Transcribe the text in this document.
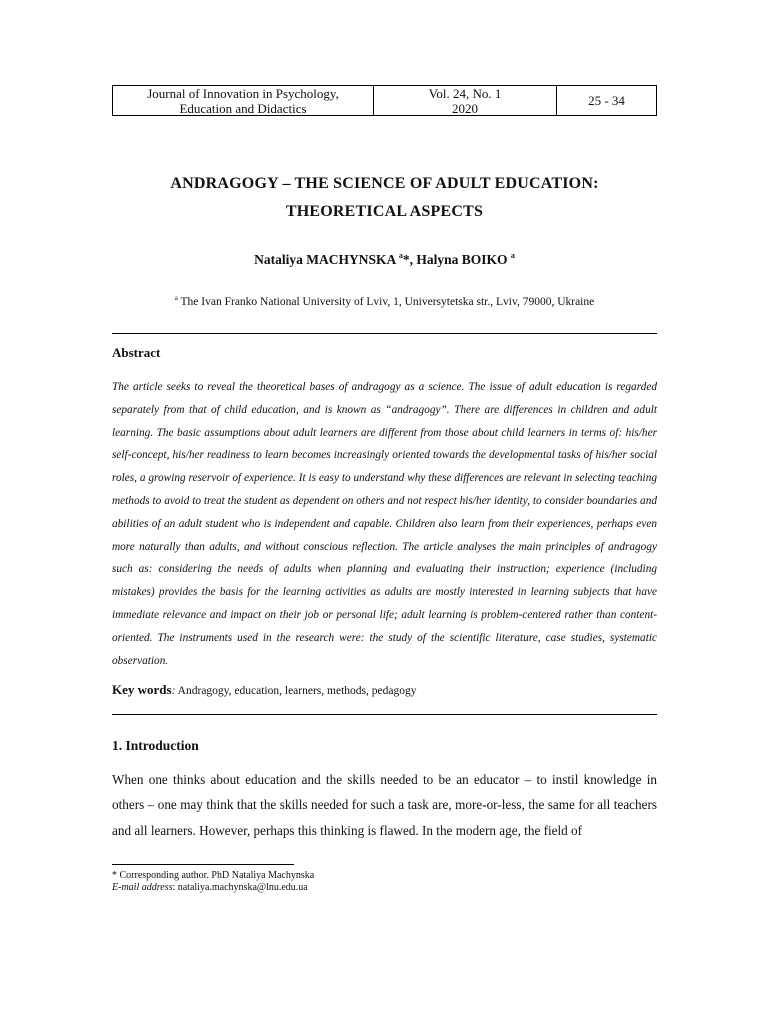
Journal of Innovation in Psychology,
Education and Didactics
Vol. 24, No. 1
2020	25 - 34
ANDRAGOGY – THE SCIENCE OF ADULT EDUCATION:
THEORETICAL ASPECTS
Nataliya MACHYNSKA $^a$*, Halyna BOIKO $^a$
$^a$ The Ivan Franko National University of Lviv, 1, Universytetska str., Lviv, 79000, Ukraine
Abstract

The article seeks to reveal the theoretical bases of andragogy as a science. The issue of adult education is regarded separately from that of child education, and is known as “andragogy”. There are differences in children and adult learning. The basic assumptions about adult learners are different from those about child learners in terms of: his/her self-concept, his/her readiness to learn becomes increasingly oriented towards the developmental tasks of his/her social roles, a growing reservoir of experience. It is easy to understand why these differences are relevant in selecting teaching methods to avoid to treat the student as dependent on others and not respect his/her identity, to consider boundaries and abilities of an adult student who is independent and capable. Children also learn from their experiences, perhaps even more naturally than adults, and without conscious reflection. The article analyses the main principles of andragogy such as: considering the needs of adults when planning and evaluating their instruction; experience (including mistakes) provides the basis for the learning activities as adults are mostly interested in learning subjects that have immediate relevance and impact on their job or personal life; adult learning is problem-centered rather than content-oriented. The instruments used in the research were: the study of the scientific literature, case studies, systematic observation.

Key words: Andragogy, education, learners, methods, pedagogy
1. Introduction

When one thinks about education and the skills needed to be an educator – to instil knowledge in others – one may think that the skills needed for such a task are, more-or-less, the same for all teachers and all learners. However, perhaps this thinking is flawed. In the modern age, the field of

* Corresponding author. PhD Nataliya Machynska
E-mail address: nataliya.machynska@lnu.edu.ua
